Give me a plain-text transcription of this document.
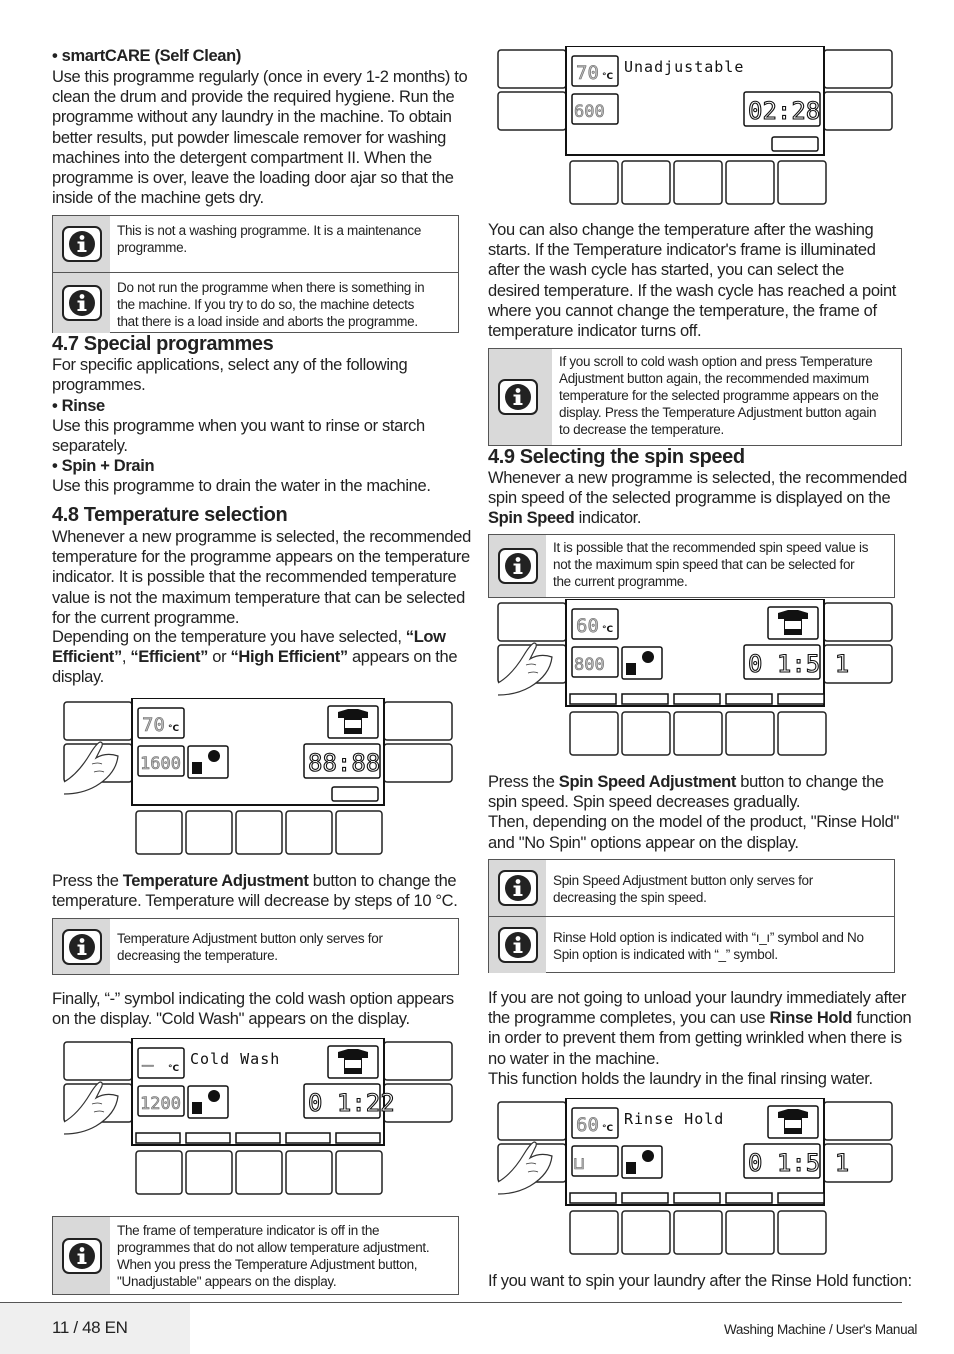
• smartCARE (Self Clean)

Use this programme regularly (once in every 1-2 months) to
clean the drum and provide the required hygiene. Run the
programme without any laundry in the machine. To obtain
better results, put powder limescale remover for washing
machines into the detergent compartment II. When the
programme is over, leave the loading door ajar so that the
inside of the machine gets dry.

This is not a washing programme. It is a maintenance
programme.
Do not run the programme when there is something in
the machine. If you try to do so, the machine detects
that there is a load inside and aborts the programme.

4.7 Special programmes

For specific applications, select any of the following
programmes.

• Rinse

Use this programme when you want to rinse or starch
separately.

• Spin + Drain

Use this programme to drain the water in the machine.

4.8 Temperature selection

Whenever a new programme is selected, the recommended
temperature for the programme appears on the temperature
indicator. It is possible that the recommended temperature
value is not the maximum temperature that can be selected
for the current programme.

Depending on the temperature you have selected, “Low
Efficient”, “Efficient” or “High Efficient” appears on the
display.

70 °C
1600	88:88

Press the Temperature Adjustment button to change the
temperature. Temperature will decrease by steps of 10 °C.

Temperature Adjustment button only serves for
decreasing the temperature.

Finally, “-” symbol indicating the cold wash option appears
on the display. "Cold Wash" appears on the display.

— °C
Cold Wash
1200	0 1:22
The frame of temperature indicator is off in the
programmes that do not allow temperature adjustment.
When you press the Temperature Adjustment button,
"Unadjustable" appears on the display.
70 °C
Unadjustable
600	02:28

You can also change the temperature after the washing
starts. If the Temperature indicator's frame is illuminated
after the wash cycle has started, you can select the
desired temperature. If the wash cycle has reached a point
where you cannot change the temperature, the frame of
temperature indicator turns off.

If you scroll to cold wash option and press Temperature
Adjustment button again, the recommended maximum
temperature for the selected programme appears on the
display. Press the Temperature Adjustment button again
to decrease the temperature.

4.9 Selecting the spin speed

Whenever a new programme is selected, the recommended
spin speed of the selected programme is displayed on the
Spin Speed indicator.

It is possible that the recommended spin speed value is
not the maximum spin speed that can be selected for
the current programme.
60 °C
800	0 1:5 1

Press the Spin Speed Adjustment button to change the
spin speed. Spin speed decreases gradually.
Then, depending on the model of the product, "Rinse Hold"
and "No Spin" options appear on the display.

Spin Speed Adjustment button only serves for
decreasing the spin speed.
Rinse Hold option is indicated with “ı_ı” symbol and No
Spin option is indicated with “_” symbol.

If you are not going to unload your laundry immediately after
the programme completes, you can use Rinse Hold function
in order to prevent them from getting wrinkled when there is
no water in the machine.
This function holds the laundry in the final rinsing water.

60 °C
Rinse Hold
⊔	0 1:5 1

If you want to spin your laundry after the Rinse Hold function:

11 / 48 EN	Washing Machine / User's Manual
